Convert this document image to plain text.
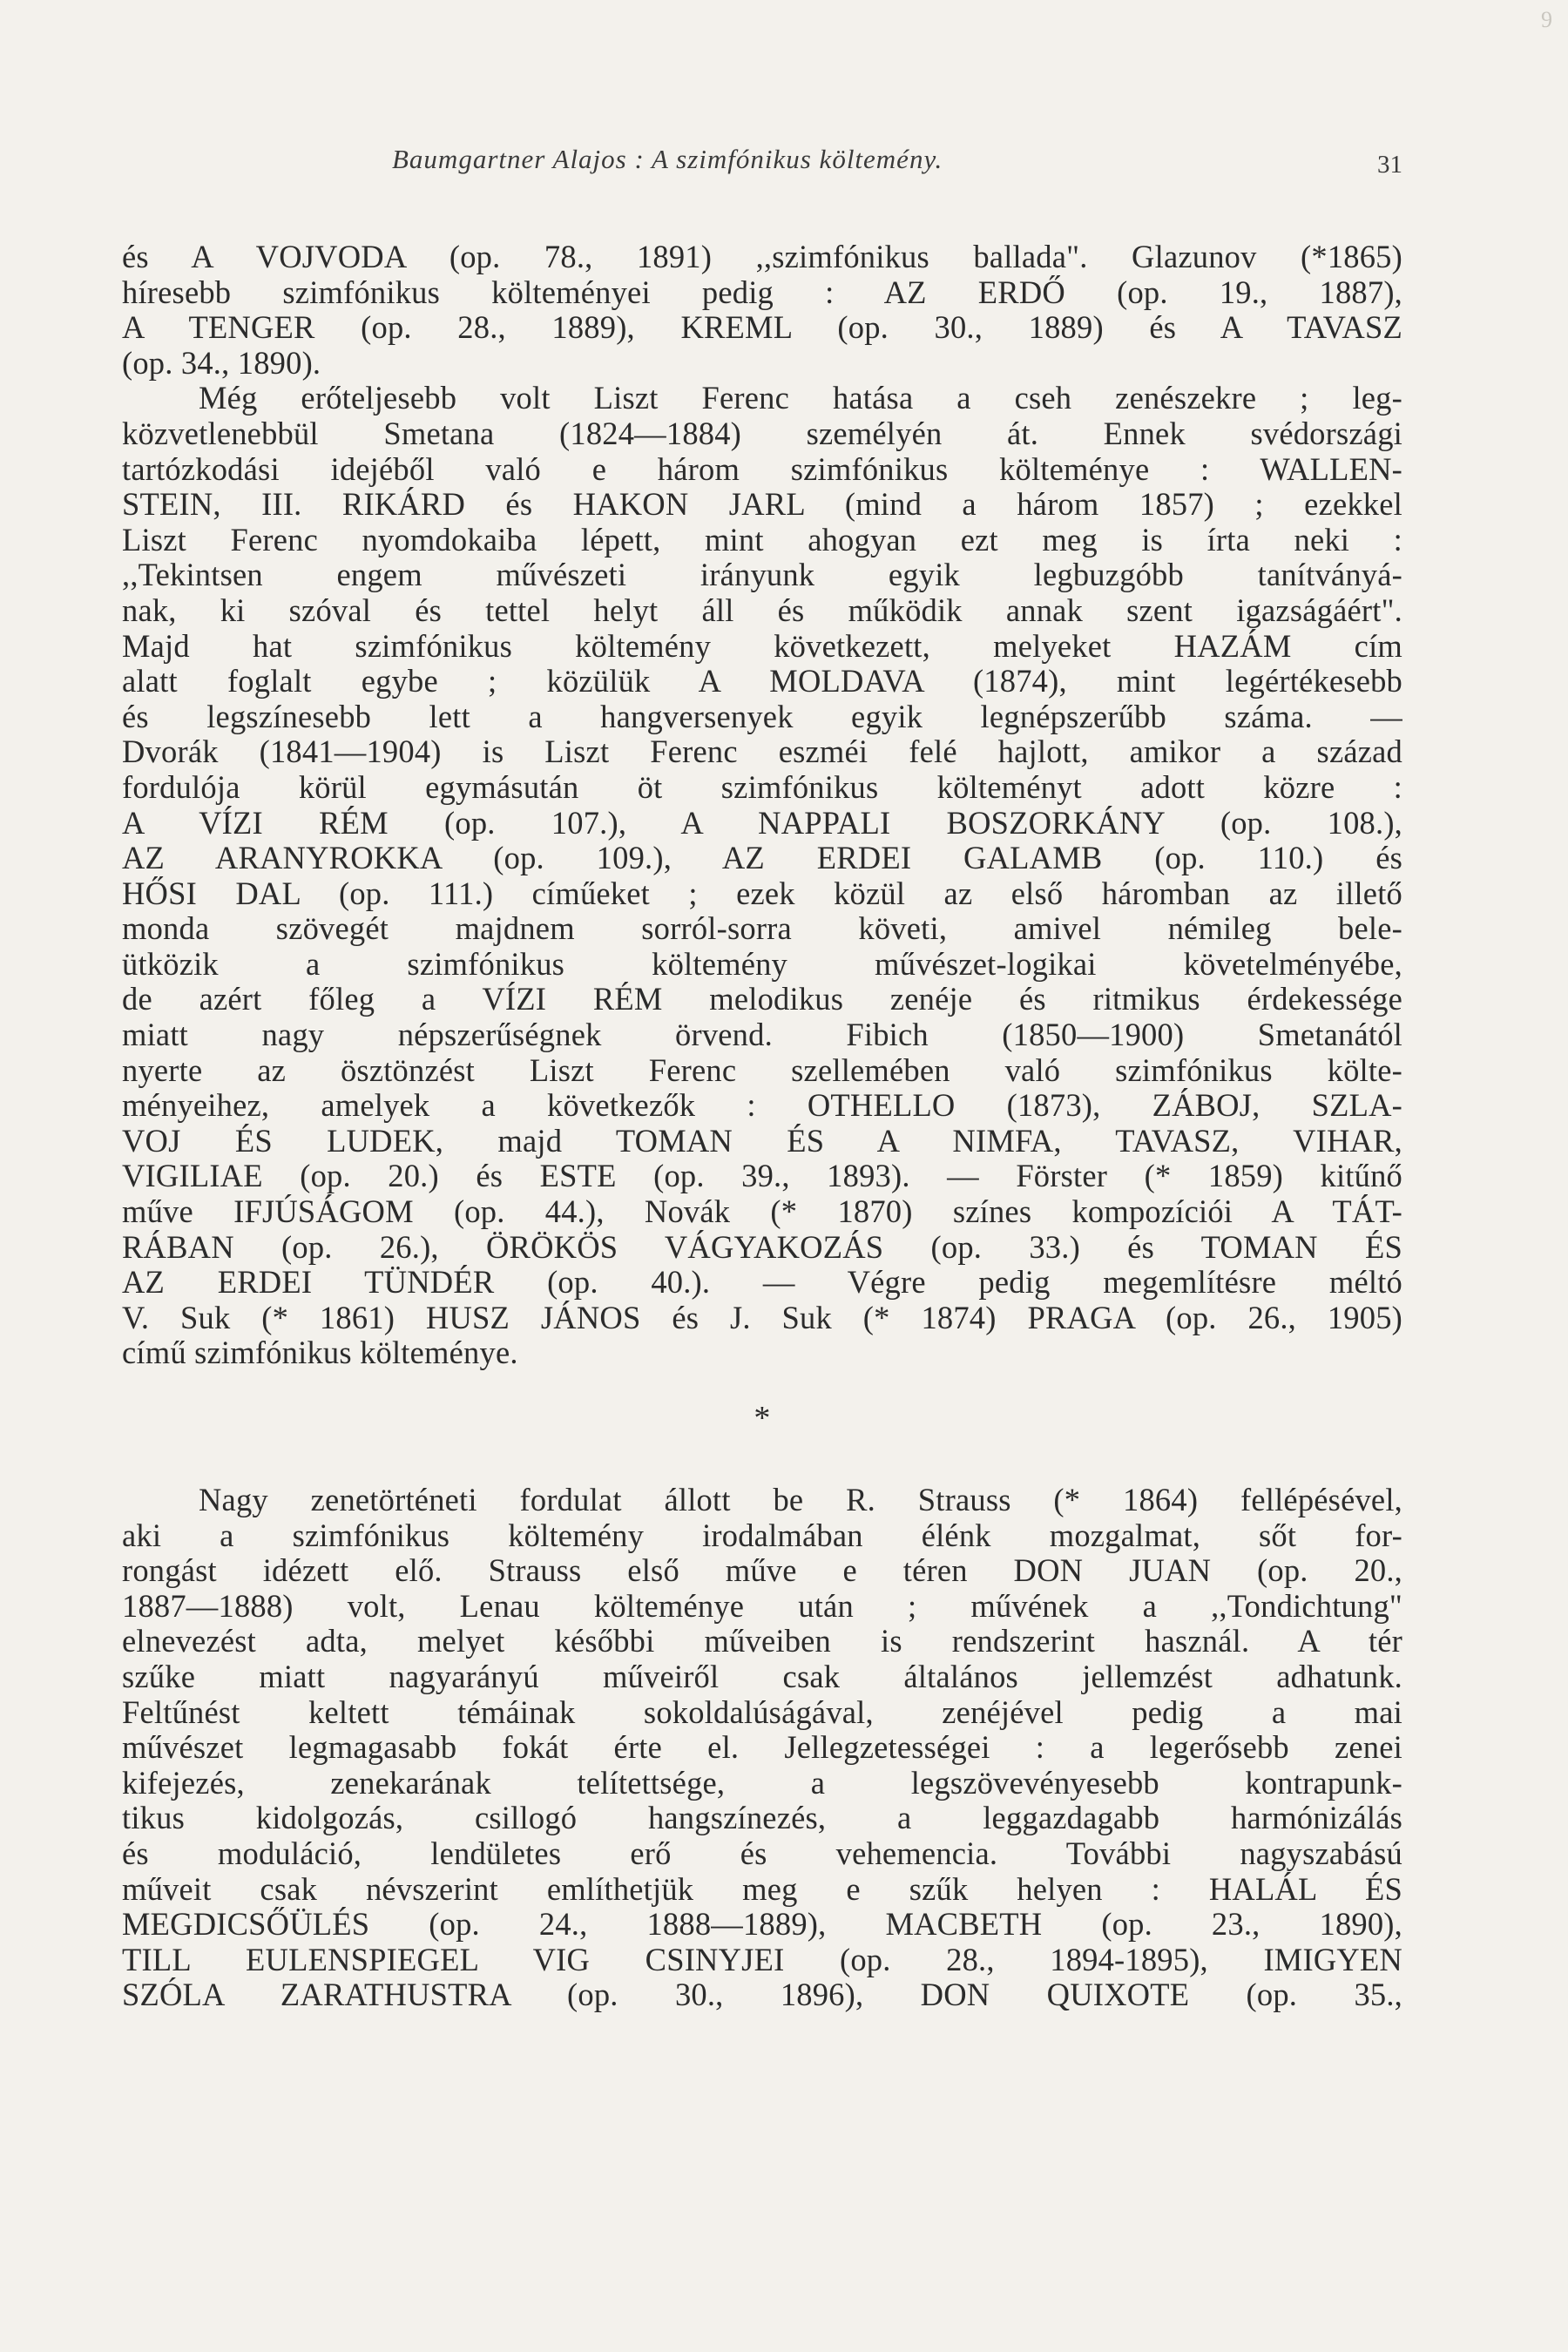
9
Baumgartner Alajos : A szimfónikus költemény.	31
és A VOJVODA (op. 78., 1891) ,,szimfónikus ballada". Glazunov (*1865)
híresebb szimfónikus költeményei pedig : AZ ERDŐ (op. 19., 1887),
A TENGER (op. 28., 1889), KREML (op. 30., 1889) és A TAVASZ
(op. 34., 1890).
Még erőteljesebb volt Liszt Ferenc hatása a cseh zenészekre ; leg-
közvetlenebbül Smetana (1824—1884) személyén át. Ennek svédországi
tartózkodási idejéből való e három szimfónikus költeménye : WALLEN-
STEIN, III. RIKÁRD és HAKON JARL (mind a három 1857) ; ezekkel
Liszt Ferenc nyomdokaiba lépett, mint ahogyan ezt meg is írta neki :
,,Tekintsen engem művészeti irányunk egyik legbuzgóbb tanítványá-
nak, ki szóval és tettel helyt áll és működik annak szent igazságáért".
Majd hat szimfónikus költemény következett, melyeket HAZÁM cím
alatt foglalt egybe ; közülük A MOLDAVA (1874), mint legértékesebb
és legszínesebb lett a hangversenyek egyik legnépszerűbb száma. —
Dvorák (1841—1904) is Liszt Ferenc eszméi felé hajlott, amikor a század
fordulója körül egymásután öt szimfónikus költeményt adott közre :
A VÍZI RÉM (op. 107.), A NAPPALI BOSZORKÁNY (op. 108.),
AZ ARANYROKKA (op. 109.), AZ ERDEI GALAMB (op. 110.) és
HŐSI DAL (op. 111.) címűeket ; ezek közül az első háromban az illető
monda szövegét majdnem sorról-sorra követi, amivel némileg bele-
ütközik a szimfónikus költemény művészet-logikai követelményébe,
de azért főleg a VÍZI RÉM melodikus zenéje és ritmikus érdekessége
miatt nagy népszerűségnek örvend. Fibich (1850—1900) Smetanától
nyerte az ösztönzést Liszt Ferenc szellemében való szimfónikus költe-
ményeihez, amelyek a következők : OTHELLO (1873), ZÁBOJ, SZLA-
VOJ ÉS LUDEK, majd TOMAN ÉS A NIMFA, TAVASZ, VIHAR,
VIGILIAE (op. 20.) és ESTE (op. 39., 1893). — Förster (* 1859) kitűnő
műve IFJÚSÁGOM (op. 44.), Novák (* 1870) színes kompozíciói A TÁT-
RÁBAN (op. 26.), ÖRÖKÖS VÁGYAKOZÁS (op. 33.) és TOMAN ÉS
AZ ERDEI TÜNDÉR (op. 40.). — Végre pedig megemlítésre méltó
V. Suk (* 1861) HUSZ JÁNOS és J. Suk (* 1874) PRAGA (op. 26., 1905)
című szimfónikus költeménye.
*
Nagy zenetörténeti fordulat állott be R. Strauss (* 1864) fellépésével,
aki a szimfónikus költemény irodalmában élénk mozgalmat, sőt for-
rongást idézett elő. Strauss első műve e téren DON JUAN (op. 20.,
1887—1888) volt, Lenau költeménye után ; művének a ,,Tondichtung"
elnevezést adta, melyet későbbi műveiben is rendszerint használ. A tér
szűke miatt nagyarányú műveiről csak általános jellemzést adhatunk.
Feltűnést keltett témáinak sokoldalúságával, zenéjével pedig a mai
művészet legmagasabb fokát érte el. Jellegzetességei : a legerősebb zenei
kifejezés, zenekarának telítettsége, a legszövevényesebb kontrapunk-
tikus kidolgozás, csillogó hangszínezés, a leggazdagabb harmónizálás
és moduláció, lendületes erő és vehemencia. További nagyszabású
műveit csak névszerint említhetjük meg e szűk helyen : HALÁL ÉS
MEGDICSŐÜLÉS (op. 24., 1888—1889), MACBETH (op. 23., 1890),
TILL EULENSPIEGEL VIG CSINYJEI (op. 28., 1894-1895), IMIGYEN
SZÓLA ZARATHUSTRA (op. 30., 1896), DON QUIXOTE (op. 35.,
